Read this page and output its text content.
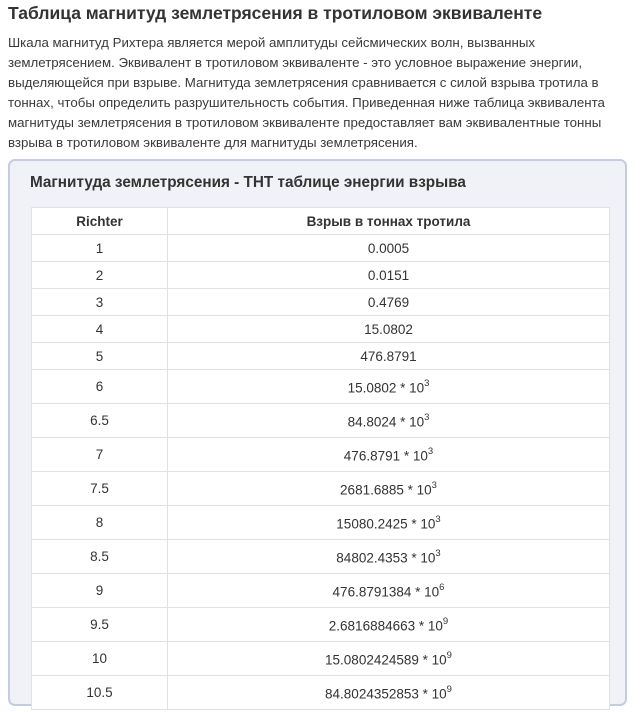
Таблица магнитуд землетрясения в тротиловом эквиваленте

Шкала магнитуд Рихтера является мерой амплитуды сейсмических волн, вызванных землетрясением. Эквивалент в тротиловом эквиваленте - это условное выражение энергии, выделяющейся при взрыве. Магнитуда землетрясения сравнивается с силой взрыва тротила в тоннах, чтобы определить разрушительность события. Приведенная ниже таблица эквивалента магнитуды землетрясения в тротиловом эквиваленте предоставляет вам эквивалентные тонны взрыва в тротиловом эквиваленте для магнитуды землетрясения.

Магнитуда землетрясения - ТНТ таблице энергии взрыва
Richter	Взрыв в тоннах тротила
1	0.0005
2	0.0151
3	0.4769
4	15.0802
5	476.8791
6	$15.0802 * 10^3$
6.5	$84.8024 * 10^3$
7	$476.8791 * 10^3$
7.5	$2681.6885 * 10^3$
8	$15080.2425 * 10^3$
8.5	$84802.4353 * 10^3$
9	$476.8791384 * 10^6$
9.5	$2.6816884663 * 10^9$
10	$15.0802424589 * 10^9$
10.5	$84.8024352853 * 10^9$
